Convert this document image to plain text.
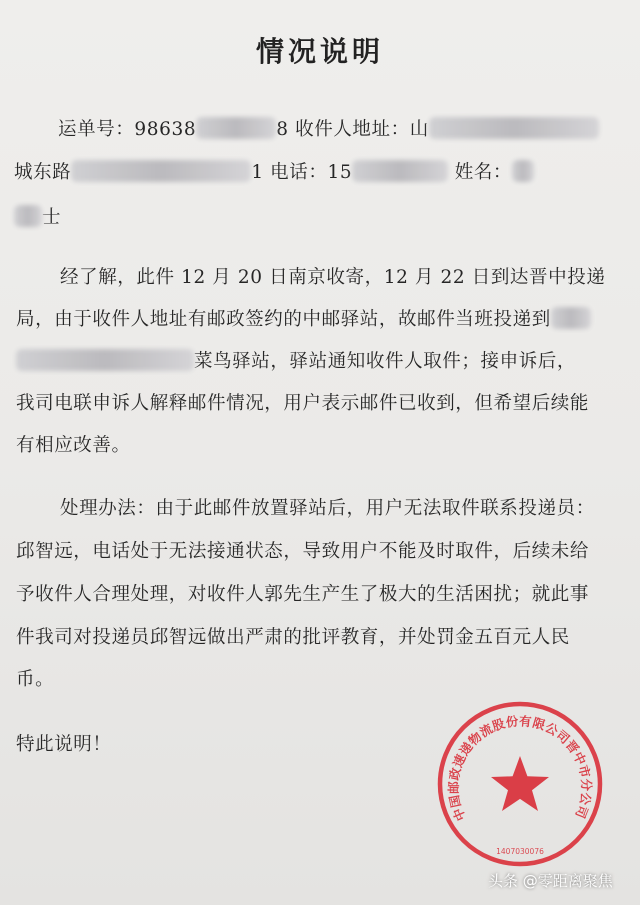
情况说明
运单号：98638	8 收件人地址：山
城东路	1 电话：15	姓名：
士
经了解，此件 12 月 20 日南京收寄，12 月 22 日到达晋中投递
局，由于收件人地址有邮政签约的中邮驿站，故邮件当班投递到
菜鸟驿站，驿站通知收件人取件；接申诉后，
我司电联申诉人解释邮件情况，用户表示邮件已收到，但希望后续能
有相应改善。
处理办法：由于此邮件放置驿站后，用户无法取件联系投递员：
邱智远，电话处于无法接通状态，导致用户不能及时取件，后续未给
予收件人合理处理，对收件人郭先生产生了极大的生活困扰；就此事
件我司对投递员邱智远做出严肃的批评教育，并处罚金五百元人民
币。
特此说明！
中国邮政速递物流股份有限公司晋中市分公司
1407030076
头条 @零距离聚焦
